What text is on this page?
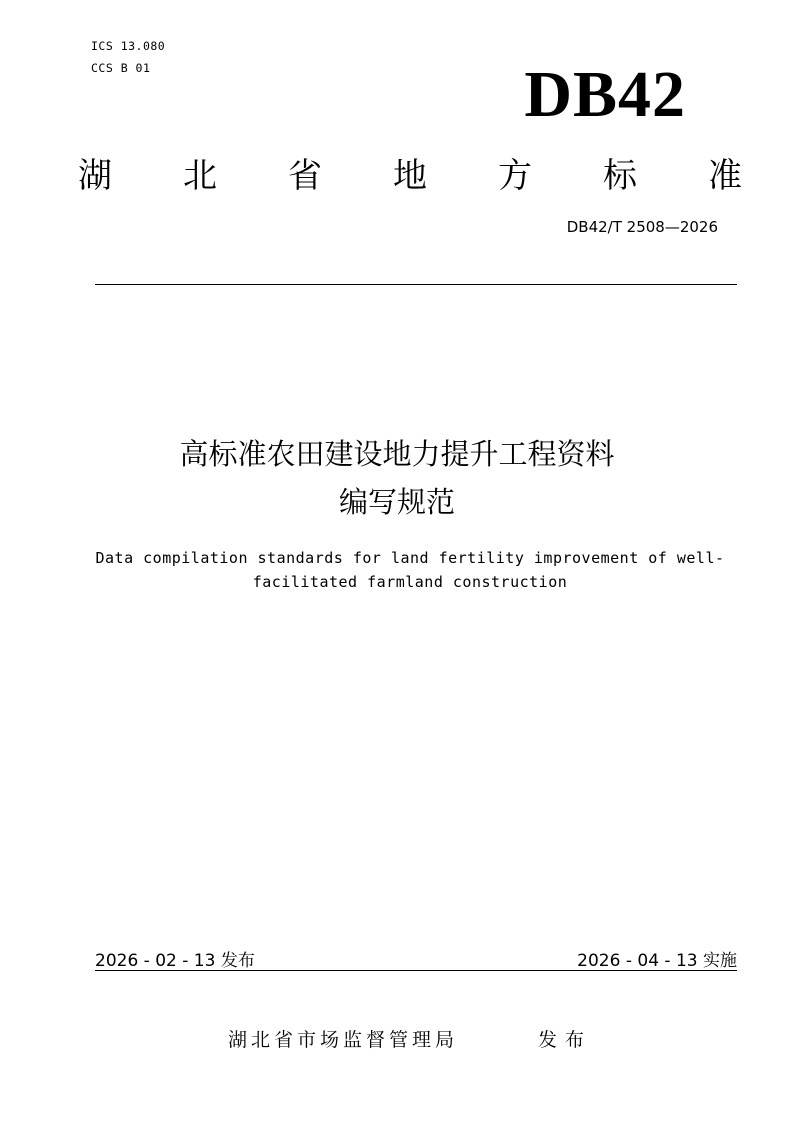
ICS 13.080
CCS B 01	DB42
湖 北 省 地 方 标 准
DB42/T 2508—2026
高标准农田建设地力提升工程资料
编写规范
Data compilation standards for land fertility improvement of well-
facilitated farmland construction
2026 - 02 - 13 发布	2026 - 04 - 13 实施
湖北省市场监督管理局	发布
